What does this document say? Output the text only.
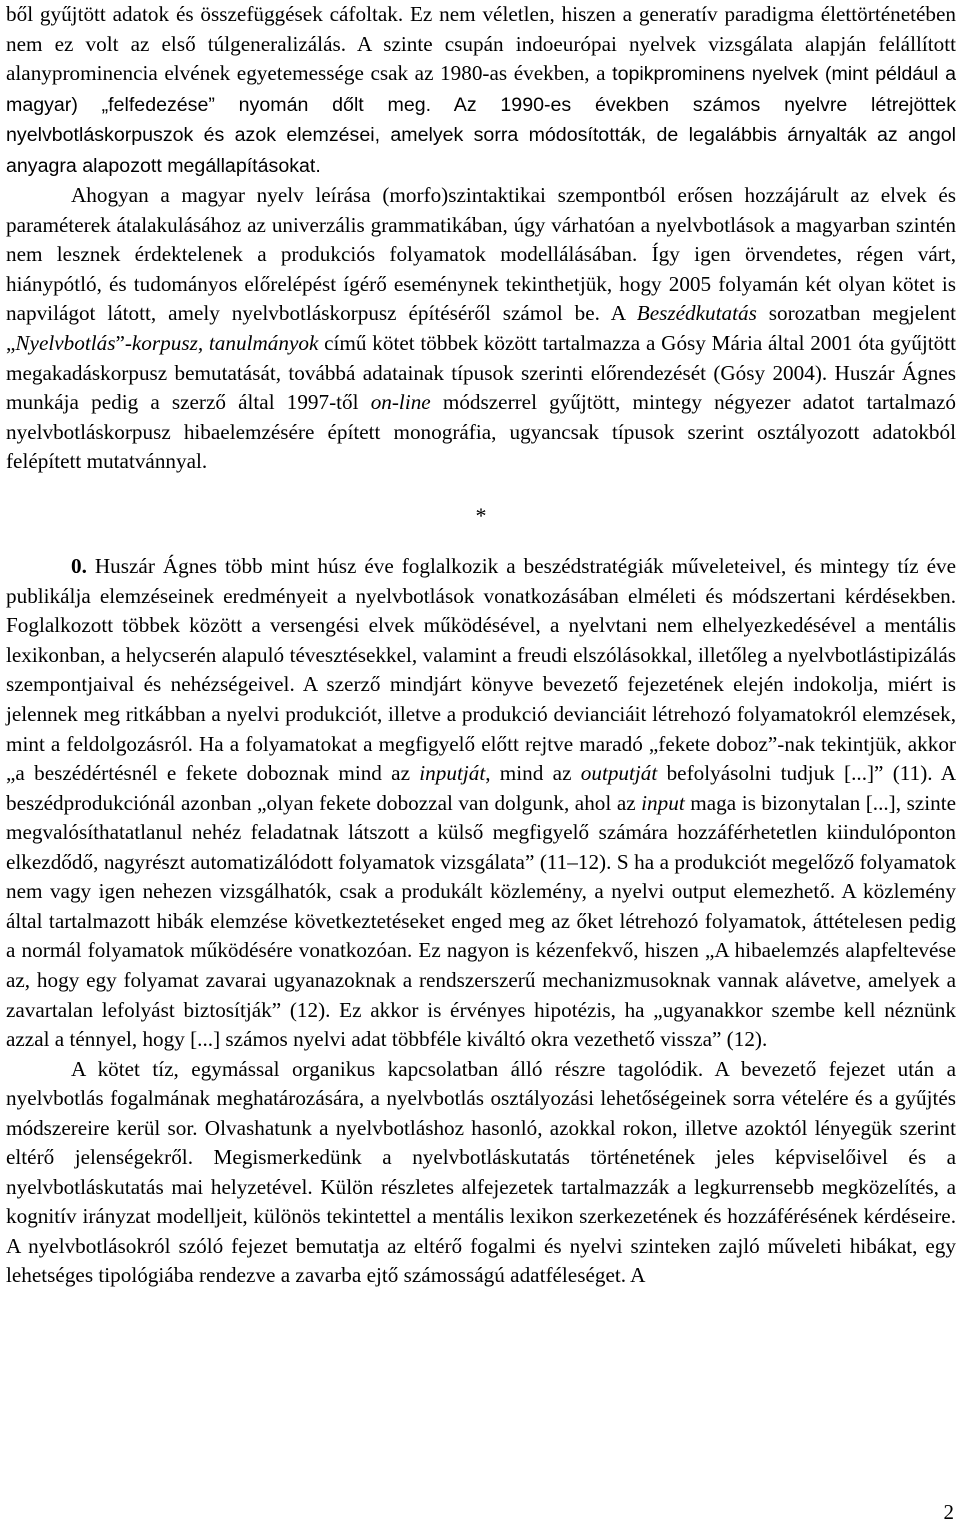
ből gyűjtött adatok és összefüggések cáfoltak. Ez nem véletlen, hiszen a generatív paradigma élettörténetében nem ez volt az első túlgeneralizálás. A szinte csupán indoeurópai nyelvek vizsgálata alapján felállított alanyprominencia elvének egyetemessége csak az 1980-as években, a topikprominens nyelvek (mint például a magyar) „felfedezése” nyomán dőlt meg. Az 1990-es években számos nyelvre létrejöttek nyelvbotláskorpuszok és azok elemzései, amelyek sorra módosították, de legalábbis árnyalták az angol anyagra alapozott megállapításokat.

Ahogyan a magyar nyelv leírása (morfo)szintaktikai szempontból erősen hozzájárult az elvek és paraméterek átalakulásához az univerzális grammatikában, úgy várhatóan a nyelvbotlások a magyarban szintén nem lesznek érdektelenek a produkciós folyamatok modellálásában. Így igen örvendetes, régen várt, hiánypótló, és tudományos előrelépést ígérő eseménynek tekinthetjük, hogy 2005 folyamán két olyan kötet is napvilágot látott, amely nyelvbotláskorpusz építéséről számol be. A Beszédkutatás sorozatban megjelent „Nyelvbotlás”-korpusz, tanulmányok című kötet többek között tartalmazza a Gósy Mária által 2001 óta gyűjtött megakadáskorpusz bemutatását, továbbá adatainak típusok szerinti előrendezését (Gósy 2004). Huszár Ágnes munkája pedig a szerző által 1997-től on-line módszerrel gyűjtött, mintegy négyezer adatot tartalmazó nyelvbotláskorpusz hibaelemzésére épített monográfia, ugyancsak típusok szerint osztályozott adatokból felépített mutatvánnyal.

*

0. Huszár Ágnes több mint húsz éve foglalkozik a beszédstratégiák műveleteivel, és mintegy tíz éve publikálja elemzéseinek eredményeit a nyelvbotlások vonatkozásában elméleti és módszertani kérdésekben. Foglalkozott többek között a versengési elvek működésével, a nyelvtani nem elhelyezkedésével a mentális lexikonban, a helycserén alapuló tévesztésekkel, valamint a freudi elszólásokkal, illetőleg a nyelvbotlástipizálás szempontjaival és nehézségeivel. A szerző mindjárt könyve bevezető fejezetének elején indokolja, miért is jelennek meg ritkábban a nyelvi produkciót, illetve a produkció devianciáit létrehozó folyamatokról elemzések, mint a feldolgozásról. Ha a folyamatokat a megfigyelő előtt rejtve maradó „fekete doboz”-nak tekintjük, akkor „a beszédértésnél e fekete doboznak mind az inputját, mind az outputját befolyásolni tudjuk [...]” (11). A beszédprodukciónál azonban „olyan fekete dobozzal van dolgunk, ahol az input maga is bizonytalan [...], szinte megvalósíthatatlanul nehéz feladatnak látszott a külső megfigyelő számára hozzáférhetetlen kiindulóponton elkezdődő, nagyrészt automatizálódott folyamatok vizsgálata” (11–12). S ha a produkciót megelőző folyamatok nem vagy igen nehezen vizsgálhatók, csak a produkált közlemény, a nyelvi output elemezhető. A közlemény által tartalmazott hibák elemzése következtetéseket enged meg az őket létrehozó folyamatok, áttételesen pedig a normál folyamatok működésére vonatkozóan. Ez nagyon is kézenfekvő, hiszen „A hibaelemzés alapfeltevése az, hogy egy folyamat zavarai ugyanazoknak a rendszerszerű mechanizmusoknak vannak alávetve, amelyek a zavartalan lefolyást biztosítják” (12). Ez akkor is érvényes hipotézis, ha „ugyanakkor szembe kell néznünk azzal a ténnyel, hogy [...] számos nyelvi adat többféle kiváltó okra vezethető vissza” (12).

A kötet tíz, egymással organikus kapcsolatban álló részre tagolódik. A bevezető fejezet után a nyelvbotlás fogalmának meghatározására, a nyelvbotlás osztályozási lehetőségeinek sorra vételére és a gyűjtés módszereire kerül sor. Olvashatunk a nyelvbotláshoz hasonló, azokkal rokon, illetve azoktól lényegük szerint eltérő jelenségekről. Megismerkedünk a nyelvbotláskutatás történetének jeles képviselőivel és a nyelvbotláskutatás mai helyzetével. Külön részletes alfejezetek tartalmazzák a legkurrensebb megközelítés, a kognitív irányzat modelljeit, különös tekintettel a mentális lexikon szerkezetének és hozzáférésének kérdéseire. A nyelvbotlásokról szóló fejezet bemutatja az eltérő fogalmi és nyelvi szinteken zajló műveleti hibákat, egy lehetséges tipológiába rendezve a zavarba ejtő számosságú adatféleséget. A

2
